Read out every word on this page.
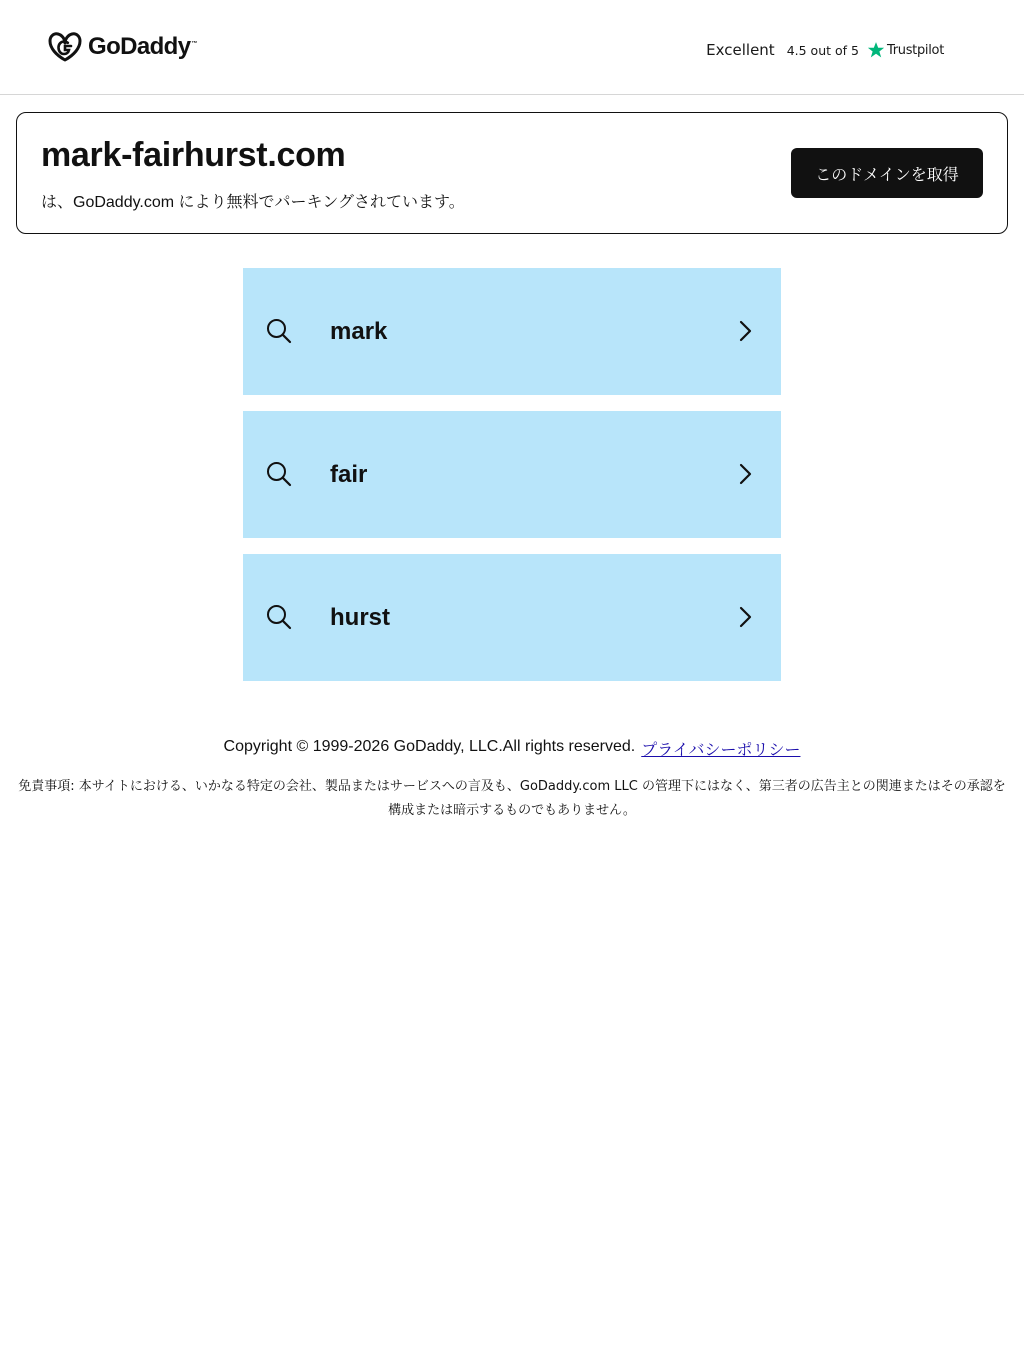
GoDaddy™	Excellent 4.5 out of 5 Trustpilot
mark-fairhurst.com
は、GoDaddy.com により無料でパーキングされています。
このドメインを取得
mark
fair
hurst
Copyright © 1999-2026 GoDaddy, LLC.All rights reserved. プライバシーポリシー
免責事項: 本サイトにおける、いかなる特定の会社、製品またはサービスへの言及も、GoDaddy.com LLC の管理下にはなく、第三者の広告主との関連またはその承認を構成または暗示するものでもありません。
